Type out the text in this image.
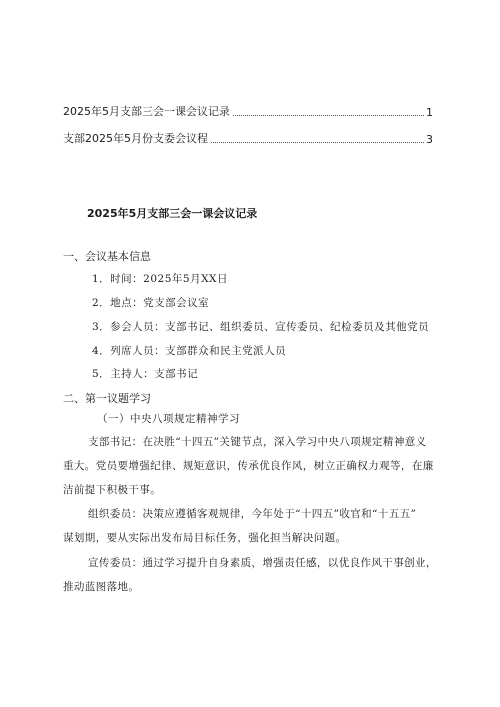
2025年5月支部三会一课会议记录	1
支部2025年5月份支委会议程	3
2025年5月支部三会一课会议记录
一、会议基本信息
1．时间：2025年5月XX日
2．地点：党支部会议室
3．参会人员：支部书记、组织委员、宣传委员、纪检委员及其他党员
4．列席人员：支部群众和民主党派人员
5．主持人：支部书记
二、第一议题学习
（一）中央八项规定精神学习
支部书记：在决胜“十四五”关键节点，深入学习中央八项规定精神意义
重大。党员要增强纪律、规矩意识，传承优良作风，树立正确权力观等，在廉
洁前提下积极干事。
组织委员：决策应遵循客观规律，今年处于“十四五”收官和“十五五”
谋划期，要从实际出发布局目标任务，强化担当解决问题。
宣传委员：通过学习提升自身素质，增强责任感，以优良作风干事创业，
推动蓝图落地。
